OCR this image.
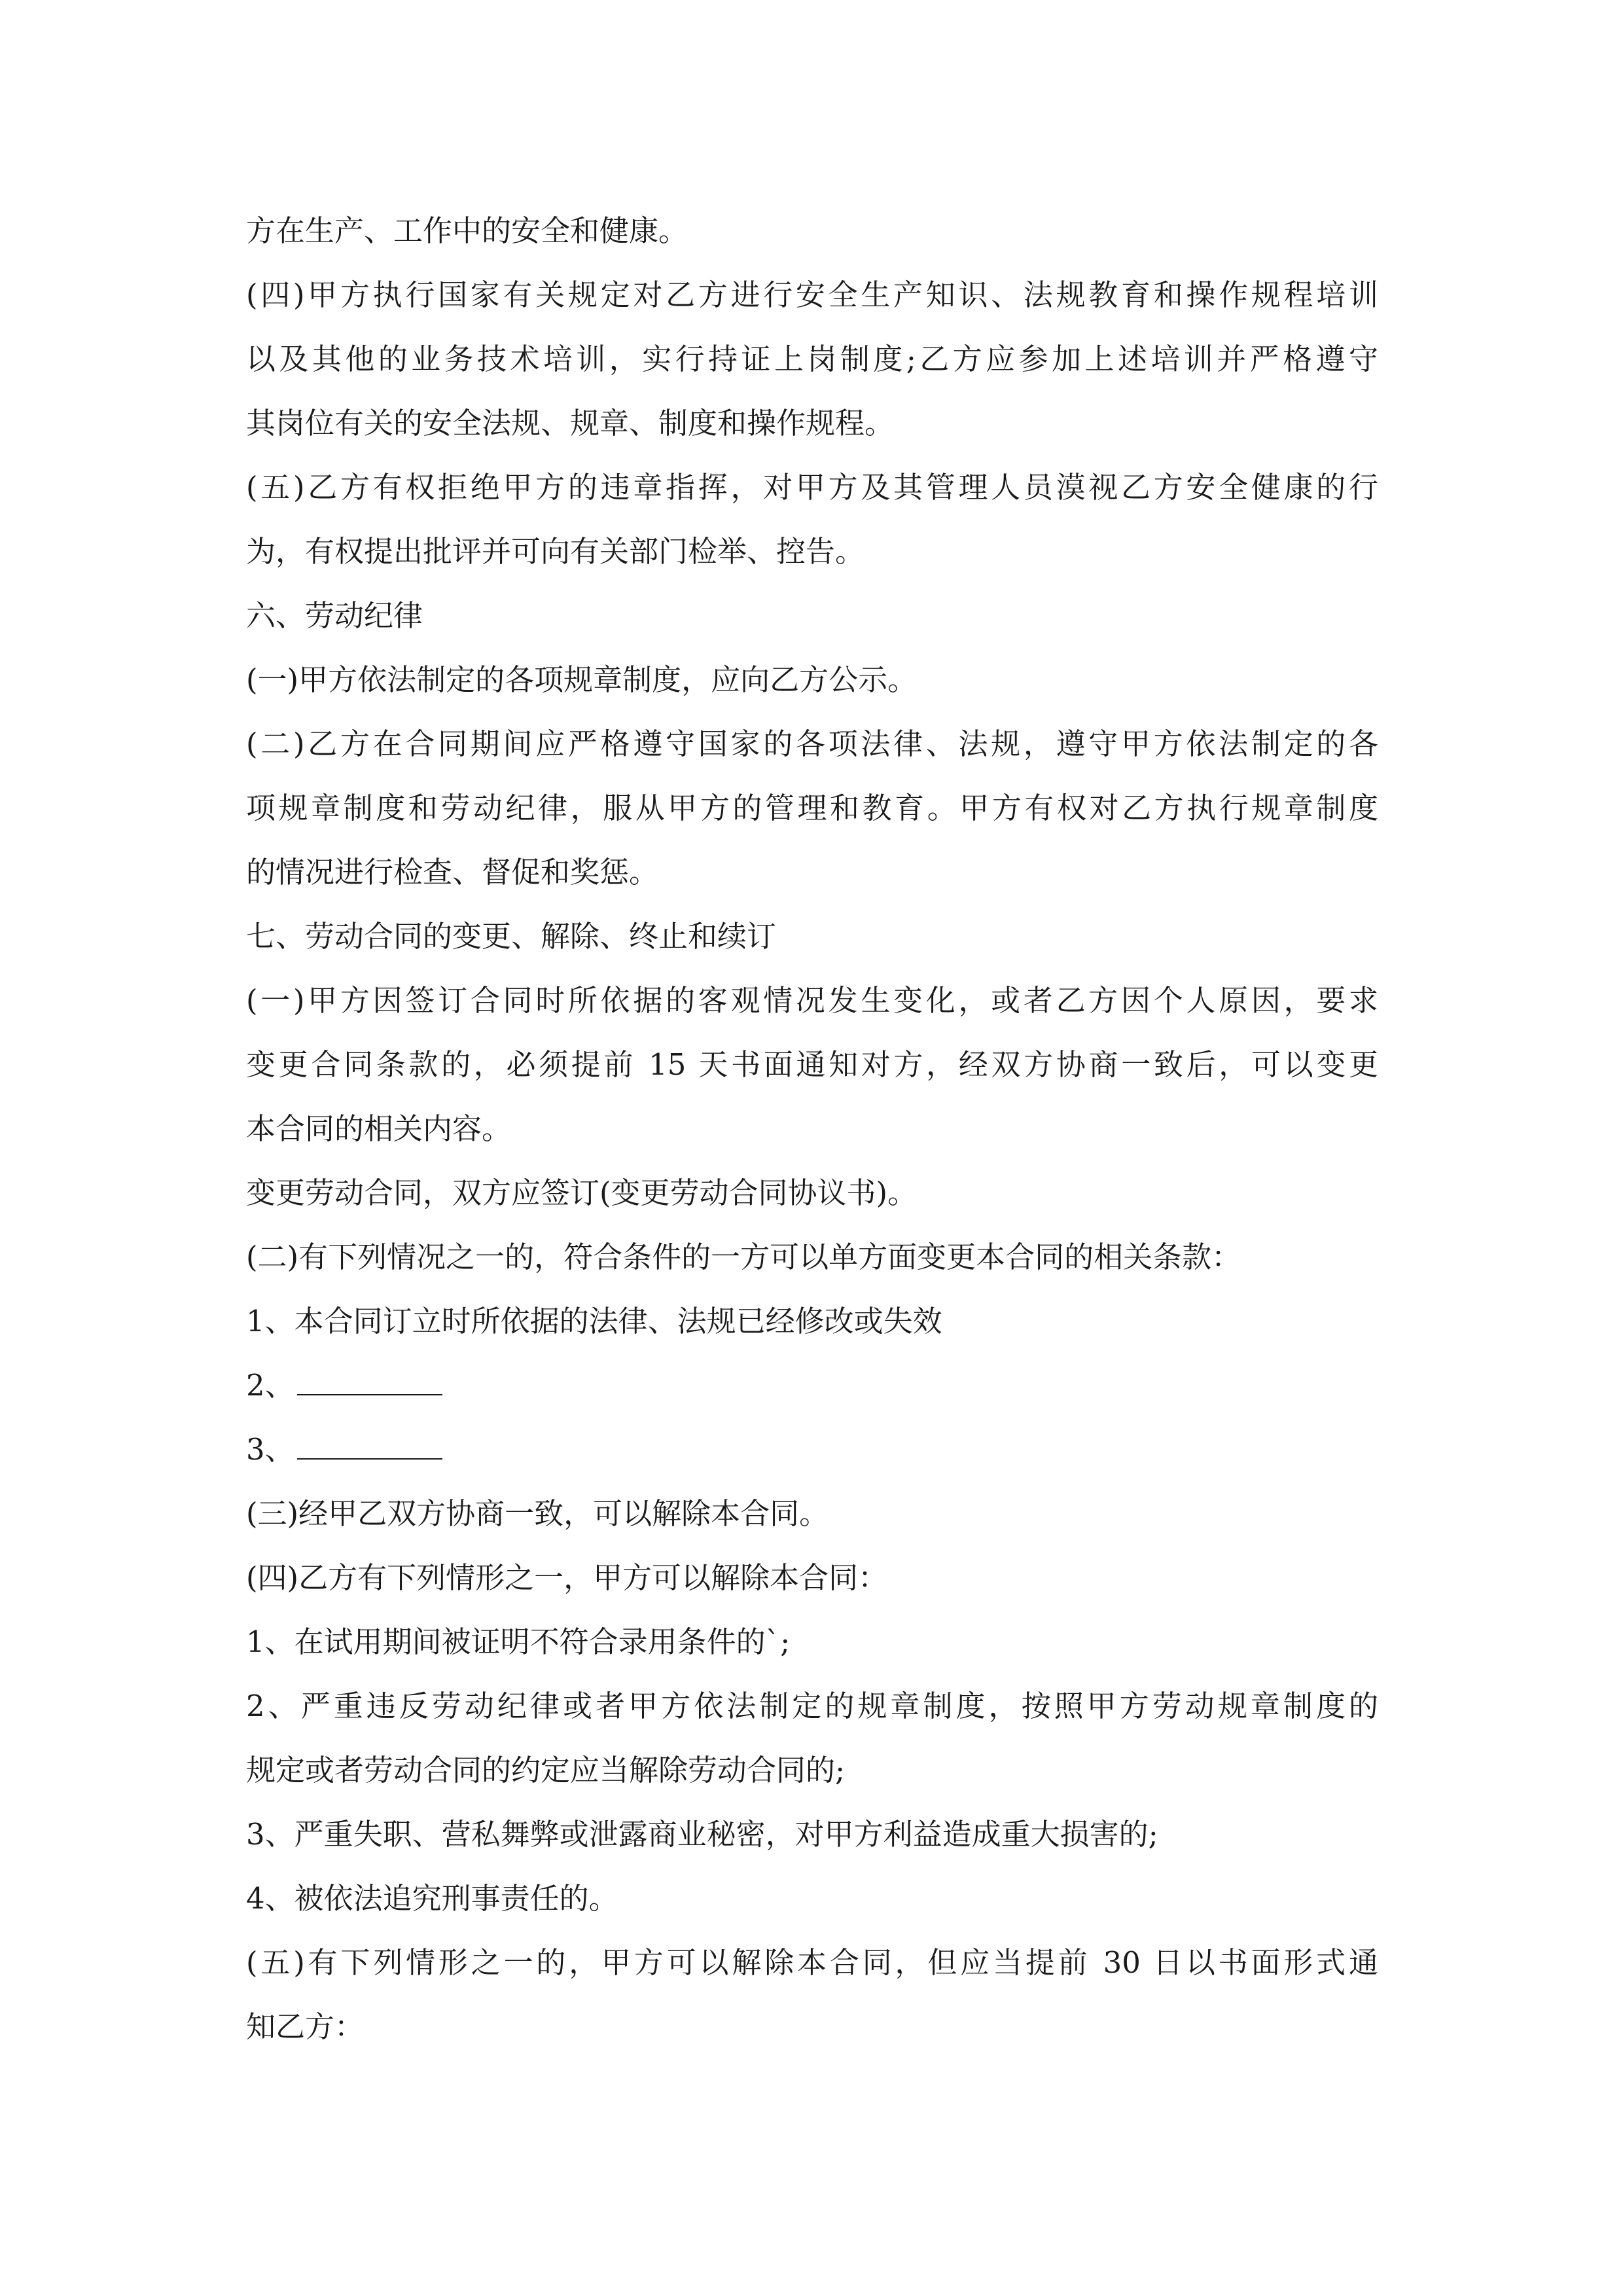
方在生产、工作中的安全和健康。
(四)甲方执行国家有关规定对乙方进行安全生产知识、法规教育和操作规程培训
以及其他的业务技术培训，实行持证上岗制度;乙方应参加上述培训并严格遵守
其岗位有关的安全法规、规章、制度和操作规程。
(五)乙方有权拒绝甲方的违章指挥，对甲方及其管理人员漠视乙方安全健康的行
为，有权提出批评并可向有关部门检举、控告。
六、劳动纪律
(一)甲方依法制定的各项规章制度，应向乙方公示。
(二)乙方在合同期间应严格遵守国家的各项法律、法规，遵守甲方依法制定的各
项规章制度和劳动纪律，服从甲方的管理和教育。甲方有权对乙方执行规章制度
的情况进行检查、督促和奖惩。
七、劳动合同的变更、解除、终止和续订
(一)甲方因签订合同时所依据的客观情况发生变化，或者乙方因个人原因，要求
变更合同条款的，必须提前 15 天书面通知对方，经双方协商一致后，可以变更
本合同的相关内容。
变更劳动合同，双方应签订(变更劳动合同协议书)。
(二)有下列情况之一的，符合条件的一方可以单方面变更本合同的相关条款：
1、本合同订立时所依据的法律、法规已经修改或失效
2、
3、
(三)经甲乙双方协商一致，可以解除本合同。
(四)乙方有下列情形之一，甲方可以解除本合同：
1、在试用期间被证明不符合录用条件的`;
2、严重违反劳动纪律或者甲方依法制定的规章制度，按照甲方劳动规章制度的
规定或者劳动合同的约定应当解除劳动合同的;
3、严重失职、营私舞弊或泄露商业秘密，对甲方利益造成重大损害的;
4、被依法追究刑事责任的。
(五)有下列情形之一的，甲方可以解除本合同，但应当提前 30 日以书面形式通
知乙方：
